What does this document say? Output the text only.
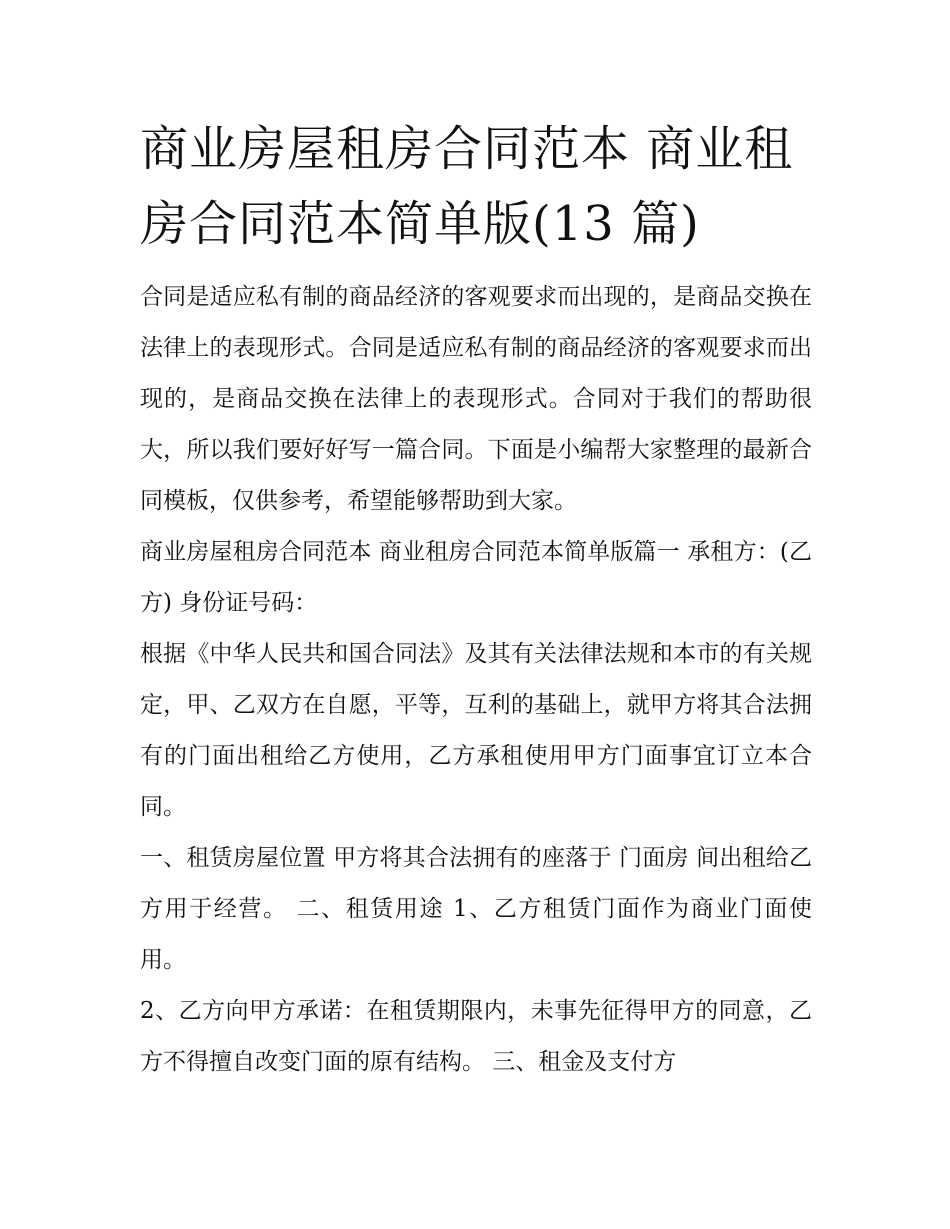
商业房屋租房合同范本 商业租房合同范本简单版(13 篇)

合同是适应私有制的商品经济的客观要求而出现的，是商品交换在法律上的表现形式。合同是适应私有制的商品经济的客观要求而出现的，是商品交换在法律上的表现形式。合同对于我们的帮助很大，所以我们要好好写一篇合同。下面是小编帮大家整理的最新合同模板，仅供参考，希望能够帮助到大家。

商业房屋租房合同范本 商业租房合同范本简单版篇一 承租方：(乙方) 身份证号码：

根据《中华人民共和国合同法》及其有关法律法规和本市的有关规定，甲、乙双方在自愿，平等，互利的基础上，就甲方将其合法拥有的门面出租给乙方使用，乙方承租使用甲方门面事宜订立本合同。

一、租赁房屋位置 甲方将其合法拥有的座落于 门面房 间出租给乙方用于经营。 二、租赁用途 1、乙方租赁门面作为商业门面使用。

2、乙方向甲方承诺：在租赁期限内，未事先征得甲方的同意，乙方不得擅自改变门面的原有结构。 三、租金及支付方
